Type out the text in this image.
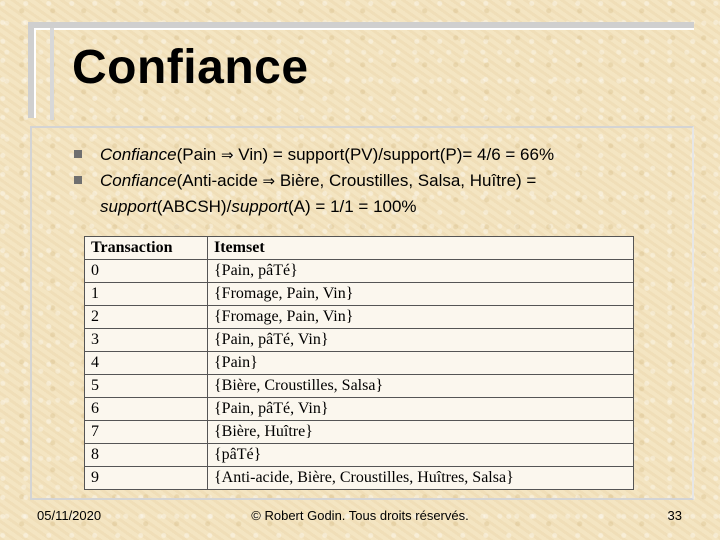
Confiance
Confiance(Pain ⇒ Vin) = support(PV)/support(P)= 4/6 = 66%
Confiance(Anti-acide ⇒ Bière, Croustilles, Salsa, Huître) = support(ABCSH)/support(A) = 1/1 = 100%
Transaction	Itemset
0	{Pain, pâTé}
1	{Fromage, Pain, Vin}
2	{Fromage, Pain, Vin}
3	{Pain, pâTé, Vin}
4	{Pain}
5	{Bière, Croustilles, Salsa}
6	{Pain, pâTé, Vin}
7	{Bière, Huître}
8	{pâTé}
9	{Anti-acide, Bière, Croustilles, Huîtres, Salsa}
© Robert Godin. Tous droits réservés.
05/11/2020	33
